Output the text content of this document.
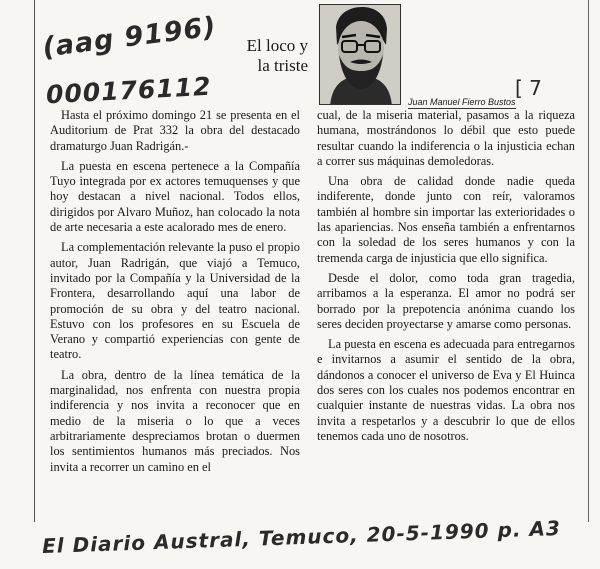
(aag 9196)
000176112	[ 7
El loco y
la triste
Juan Manuel Fierro Bustos

Hasta el próximo domingo 21 se presenta en el Auditorium de Prat 332 la obra del destacado dramaturgo Juan Radrigán.-

La puesta en escena pertenece a la Compañía Tuyo integrada por ex actores temuquenses y que hoy destacan a nivel nacional. Todos ellos, dirigidos por Alvaro Muñoz, han colocado la nota de arte necesaria a este acalorado mes de enero.

La complementación relevante la puso el propio autor, Juan Radrigán, que viajó a Temuco, invitado por la Compañía y la Universidad de la Frontera, desarrollando aquí una labor de promoción de su obra y del teatro nacional. Estuvo con los profesores en su Escuela de Verano y compartió experiencias con gente de teatro.

La obra, dentro de la línea temática de la marginalidad, nos enfrenta con nuestra propia indiferencia y nos invita a reconocer que en medio de la miseria o lo que a veces arbitrariamente despreciamos brotan o duermen los sentimientos humanos más preciados. Nos invita a recorrer un camino en el

cual, de la miseria material, pasamos a la riqueza humana, mostrándonos lo débil que esto puede resultar cuando la indiferencia o la injusticia echan a correr sus máquinas demoledoras.

Una obra de calidad donde nadie queda indiferente, donde junto con reír, valoramos también al hombre sin importar las exterioridades o las apariencias. Nos enseña también a enfrentarnos con la soledad de los seres humanos y con la tremenda carga de injusticia que ello significa.

Desde el dolor, como toda gran tragedia, arribamos a la esperanza. El amor no podrá ser borrado por la prepotencia anónima cuando los seres deciden proyectarse y amarse como personas.

La puesta en escena es adecuada para entregarnos e invitarnos a asumir el sentido de la obra, dándonos a conocer el universo de Eva y El Huinca dos seres con los cuales nos podemos encontrar en cualquier instante de nuestras vidas. La obra nos invita a respetarlos y a descubrir lo que de ellos tenemos cada uno de nosotros.

El Diario Austral, Temuco, 20-5-1990 p. A3
